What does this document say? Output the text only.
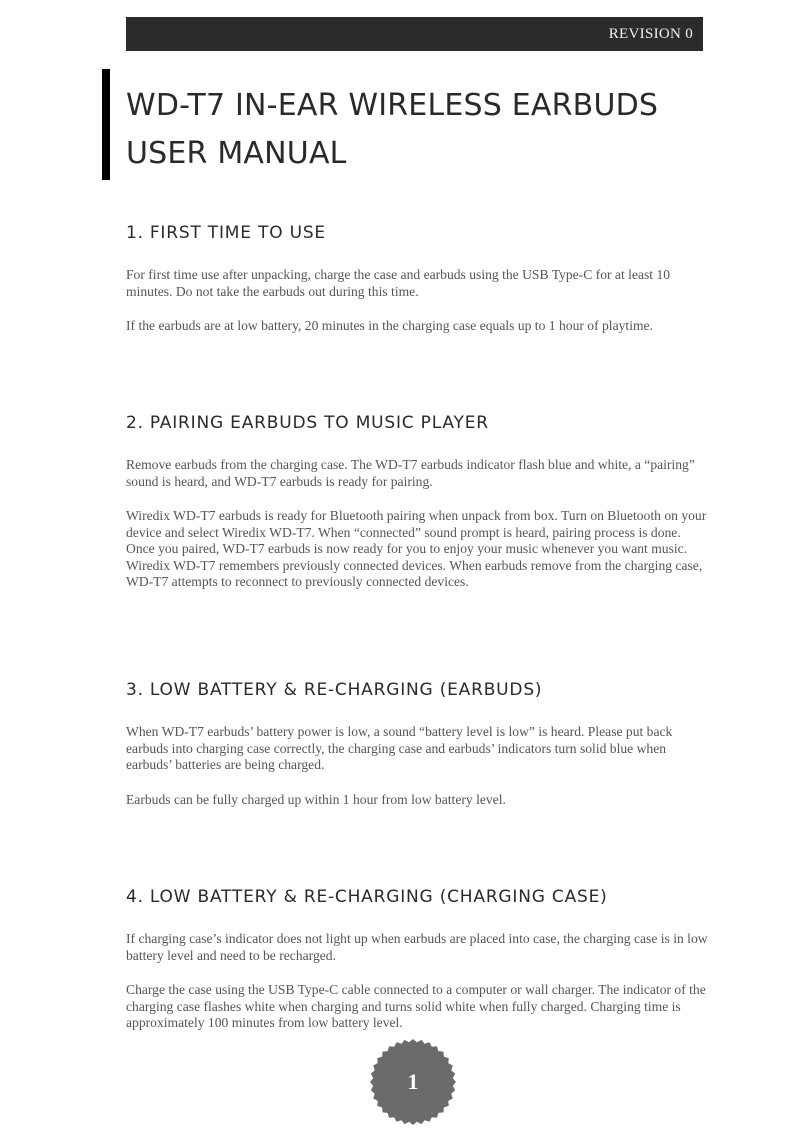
REVISION 0
WD-T7 IN-EAR WIRELESS EARBUDS
USER MANUAL
1. FIRST TIME TO USE

For first time use after unpacking, charge the case and earbuds using the USB Type-C for at least 10 minutes. Do not take the earbuds out during this time.

If the earbuds are at low battery, 20 minutes in the charging case equals up to 1 hour of playtime.

2. PAIRING EARBUDS TO MUSIC PLAYER

Remove earbuds from the charging case. The WD-T7 earbuds indicator flash blue and white, a “pairing” sound is heard, and WD-T7 earbuds is ready for pairing.

Wiredix WD-T7 earbuds is ready for Bluetooth pairing when unpack from box. Turn on Bluetooth on your device and select Wiredix WD-T7. When “connected” sound prompt is heard, pairing process is done. Once you paired, WD-T7 earbuds is now ready for you to enjoy your music whenever you want music. Wiredix WD-T7 remembers previously connected devices. When earbuds remove from the charging case, WD-T7 attempts to reconnect to previously connected devices.

3. LOW BATTERY & RE-CHARGING (EARBUDS)

When WD-T7 earbuds’ battery power is low, a sound “battery level is low” is heard. Please put back earbuds into charging case correctly, the charging case and earbuds’ indicators turn solid blue when earbuds’ batteries are being charged.

Earbuds can be fully charged up within 1 hour from low battery level.

4. LOW BATTERY & RE-CHARGING (CHARGING CASE)

If charging case’s indicator does not light up when earbuds are placed into case, the charging case is in low battery level and need to be recharged.

Charge the case using the USB Type-C cable connected to a computer or wall charger. The indicator of the charging case flashes white when charging and turns solid white when fully charged. Charging time is approximately 100 minutes from low battery level.

1
